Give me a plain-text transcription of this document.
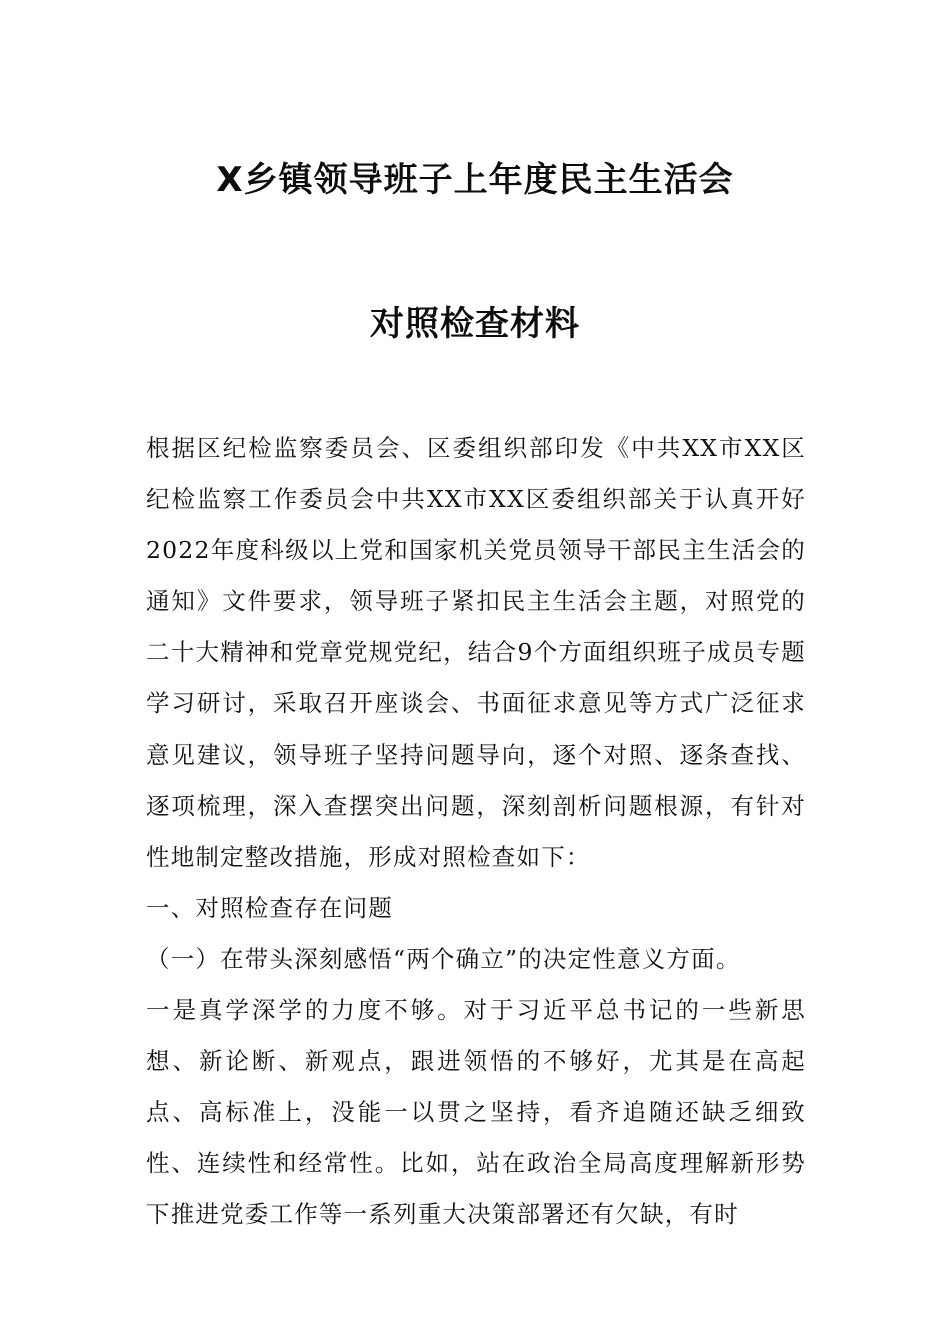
X乡镇领导班子上年度民主生活会
对照检查材料

根据区纪检监察委员会、区委组织部印发《中共XX市XX区纪检监察工作委员会中共XX市XX区委组织部关于认真开好2022年度科级以上党和国家机关党员领导干部民主生活会的通知》文件要求，领导班子紧扣民主生活会主题，对照党的二十大精神和党章党规党纪，结合9个方面组织班子成员专题学习研讨，采取召开座谈会、书面征求意见等方式广泛征求意见建议，领导班子坚持问题导向，逐个对照、逐条查找、逐项梳理，深入查摆突出问题，深刻剖析问题根源，有针对性地制定整改措施，形成对照检查如下：

一、对照检查存在问题

（一）在带头深刻感悟“两个确立”的决定性意义方面。

一是真学深学的力度不够。对于习近平总书记的一些新思想、新论断、新观点，跟进领悟的不够好，尤其是在高起点、高标准上，没能一以贯之坚持，看齐追随还缺乏细致性、连续性和经常性。比如，站在政治全局高度理解新形势下推进党委工作等一系列重大决策部署还有欠缺，有时
